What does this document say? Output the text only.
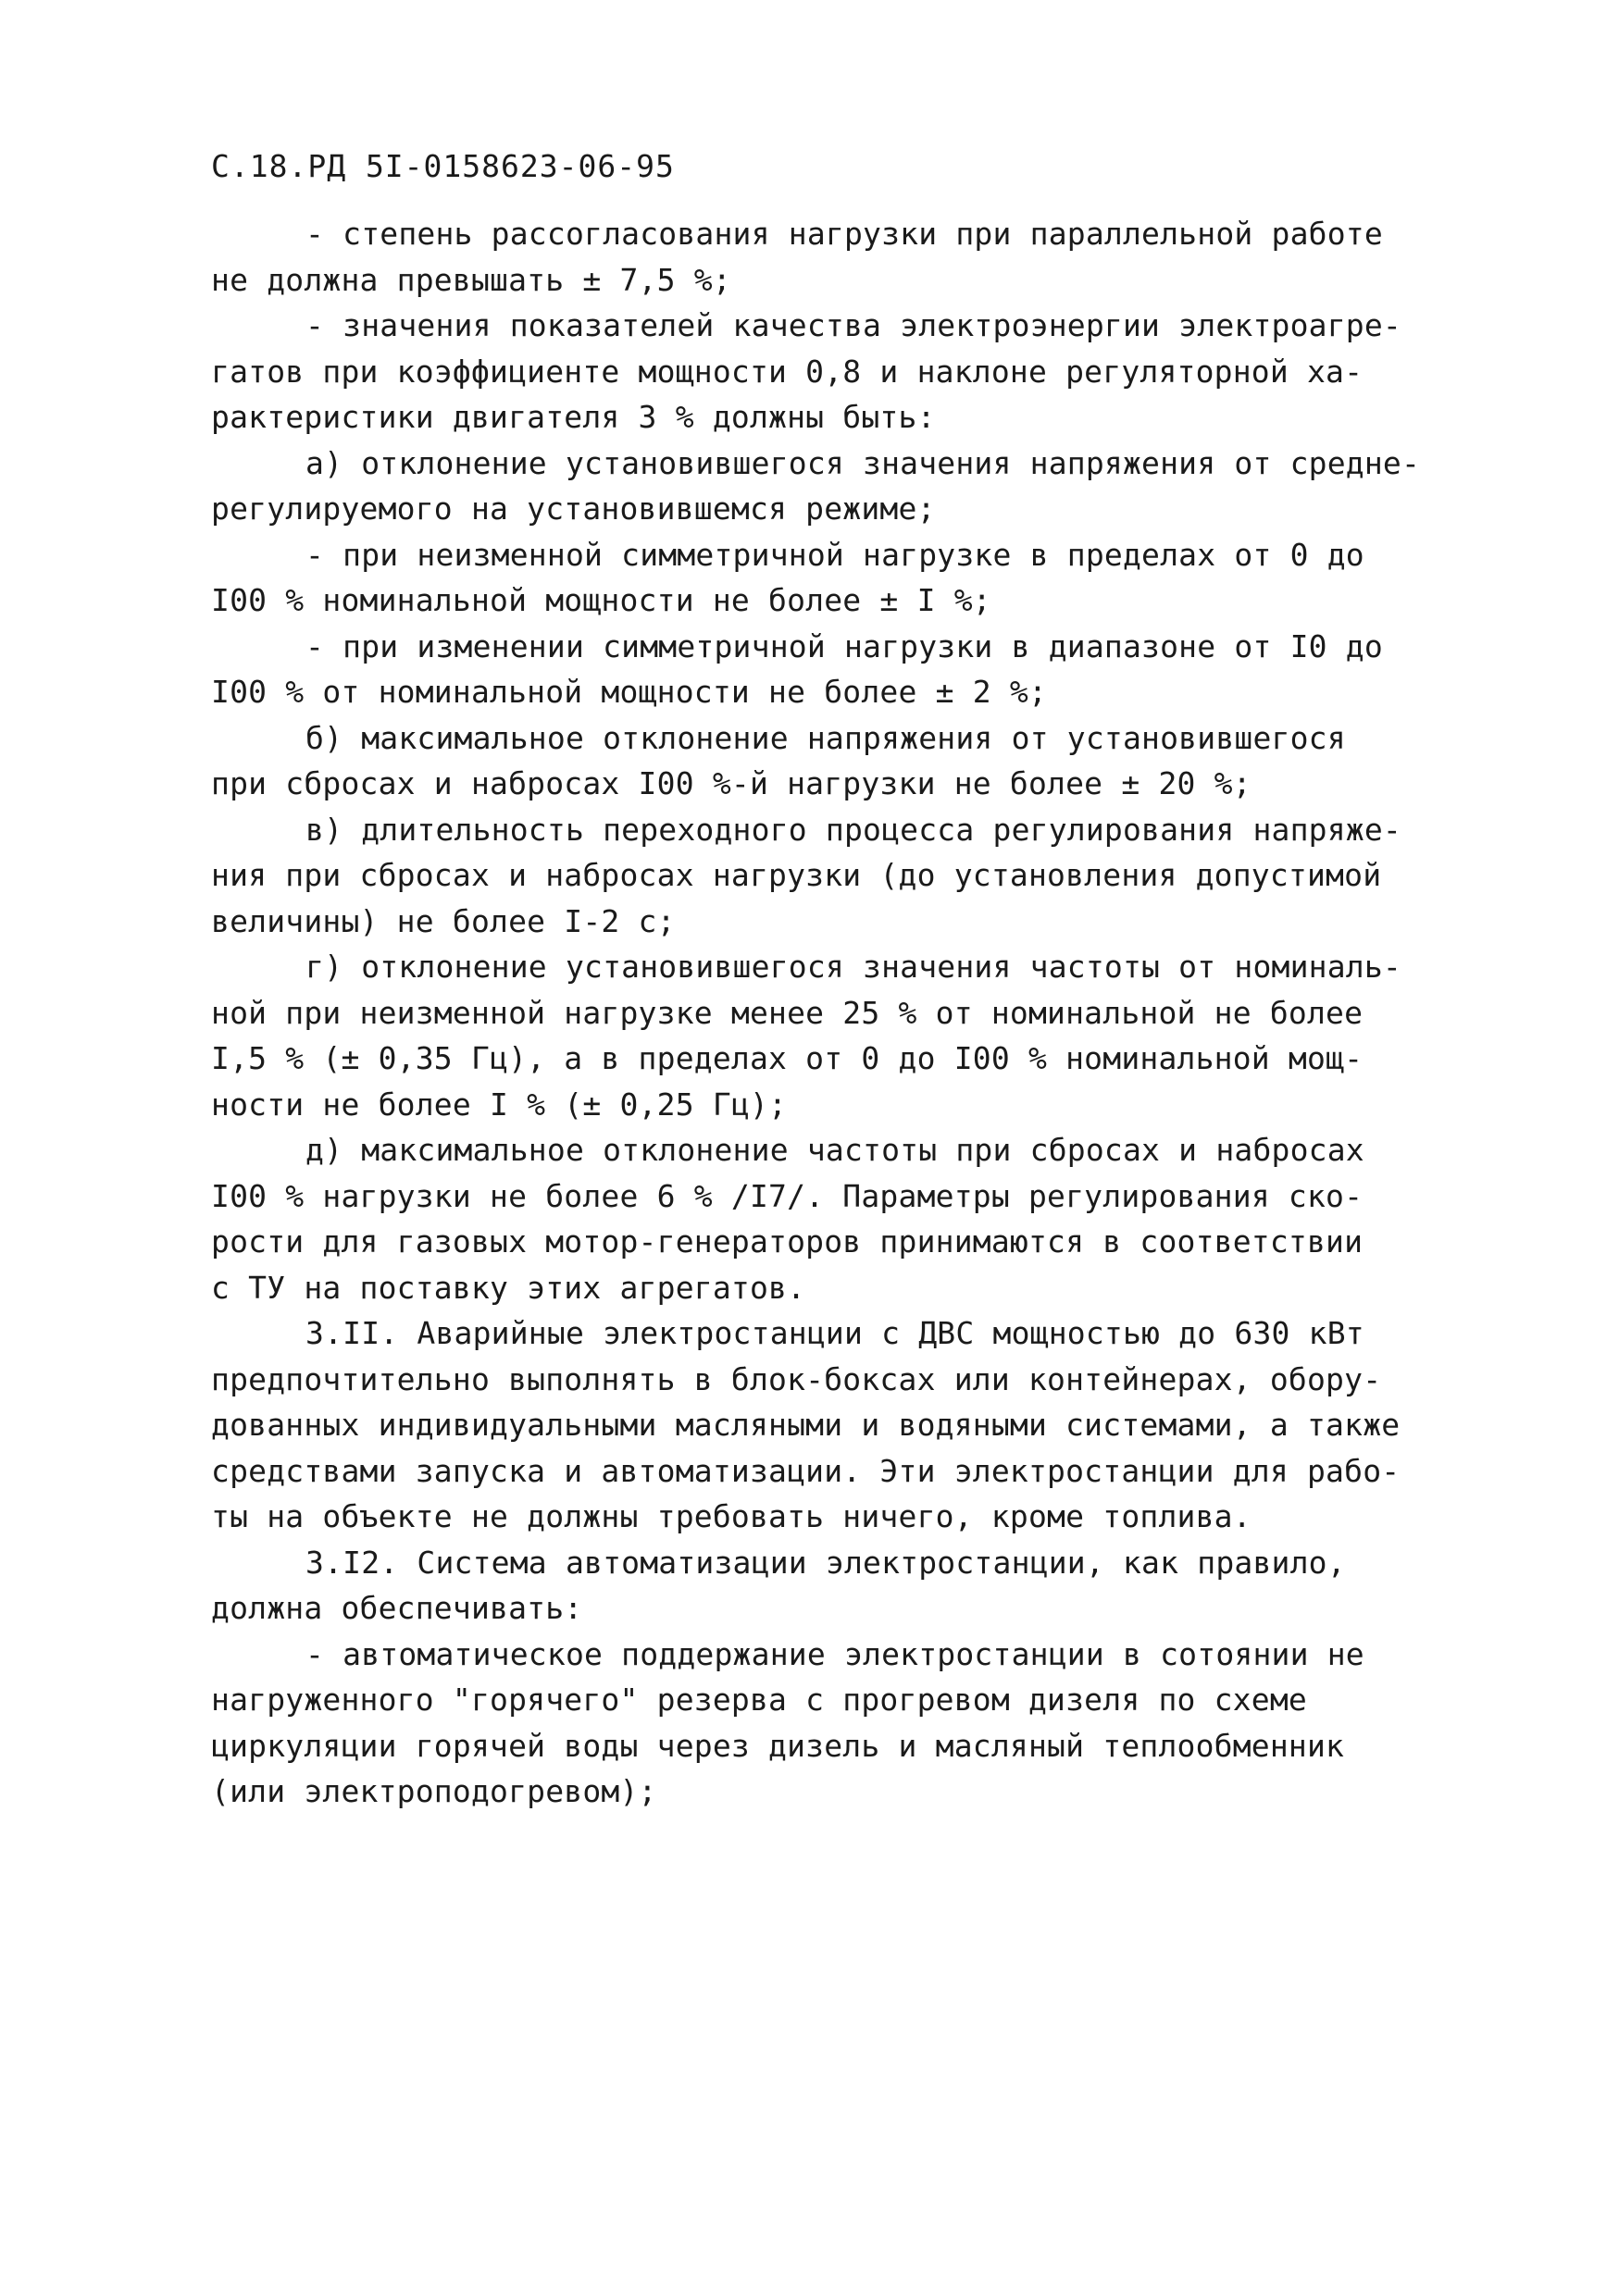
С.18.РД 5I-0158623-06-95
- степень рассогласования нагрузки при параллельной работе
не должна превышать ± 7,5 %;
- значения показателей качества электроэнергии электроагре-
гатов при коэффициенте мощности 0,8 и наклоне регуляторной ха-
рактеристики двигателя 3 % должны быть:
а) отклонение установившегося значения напряжения от средне-
регулируемого на установившемся режиме;
- при неизменной симметричной нагрузке в пределах от 0 до
I00 % номинальной мощности не более ± I %;
- при изменении симметричной нагрузки в диапазоне от I0 до
I00 % от номинальной мощности не более ± 2 %;
б) максимальное отклонение напряжения от установившегося
при сбросах и набросах I00 %-й нагрузки не более ± 20 %;
в) длительность переходного процесса регулирования напряже-
ния при сбросах и набросах нагрузки (до установления допустимой
величины) не более I-2 с;
г) отклонение установившегося значения частоты от номиналь-
ной при неизменной нагрузке менее 25 % от номинальной не более
I,5 % (± 0,35 Гц), а в пределах от 0 до I00 % номинальной мощ-
ности не более I % (± 0,25 Гц);
д) максимальное отклонение частоты при сбросах и набросах
I00 % нагрузки не более 6 % /I7/. Параметры регулирования ско-
рости для газовых мотор-генераторов принимаются в соответствии
с ТУ на поставку этих агрегатов.
3.II. Аварийные электростанции с ДВС мощностью до 630 кВт
предпочтительно выполнять в блок-боксах или контейнерах, обору-
дованных индивидуальными масляными и водяными системами, а также
средствами запуска и автоматизации. Эти электростанции для рабо-
ты на объекте не должны требовать ничего, кроме топлива.
3.I2. Система автоматизации электростанции, как правило,
должна обеспечивать:
- автоматическое поддержание электростанции в сотоянии не
нагруженного "горячего" резерва с прогревом дизеля по схеме
циркуляции горячей воды через дизель и масляный теплообменник
(или электроподогревом);
